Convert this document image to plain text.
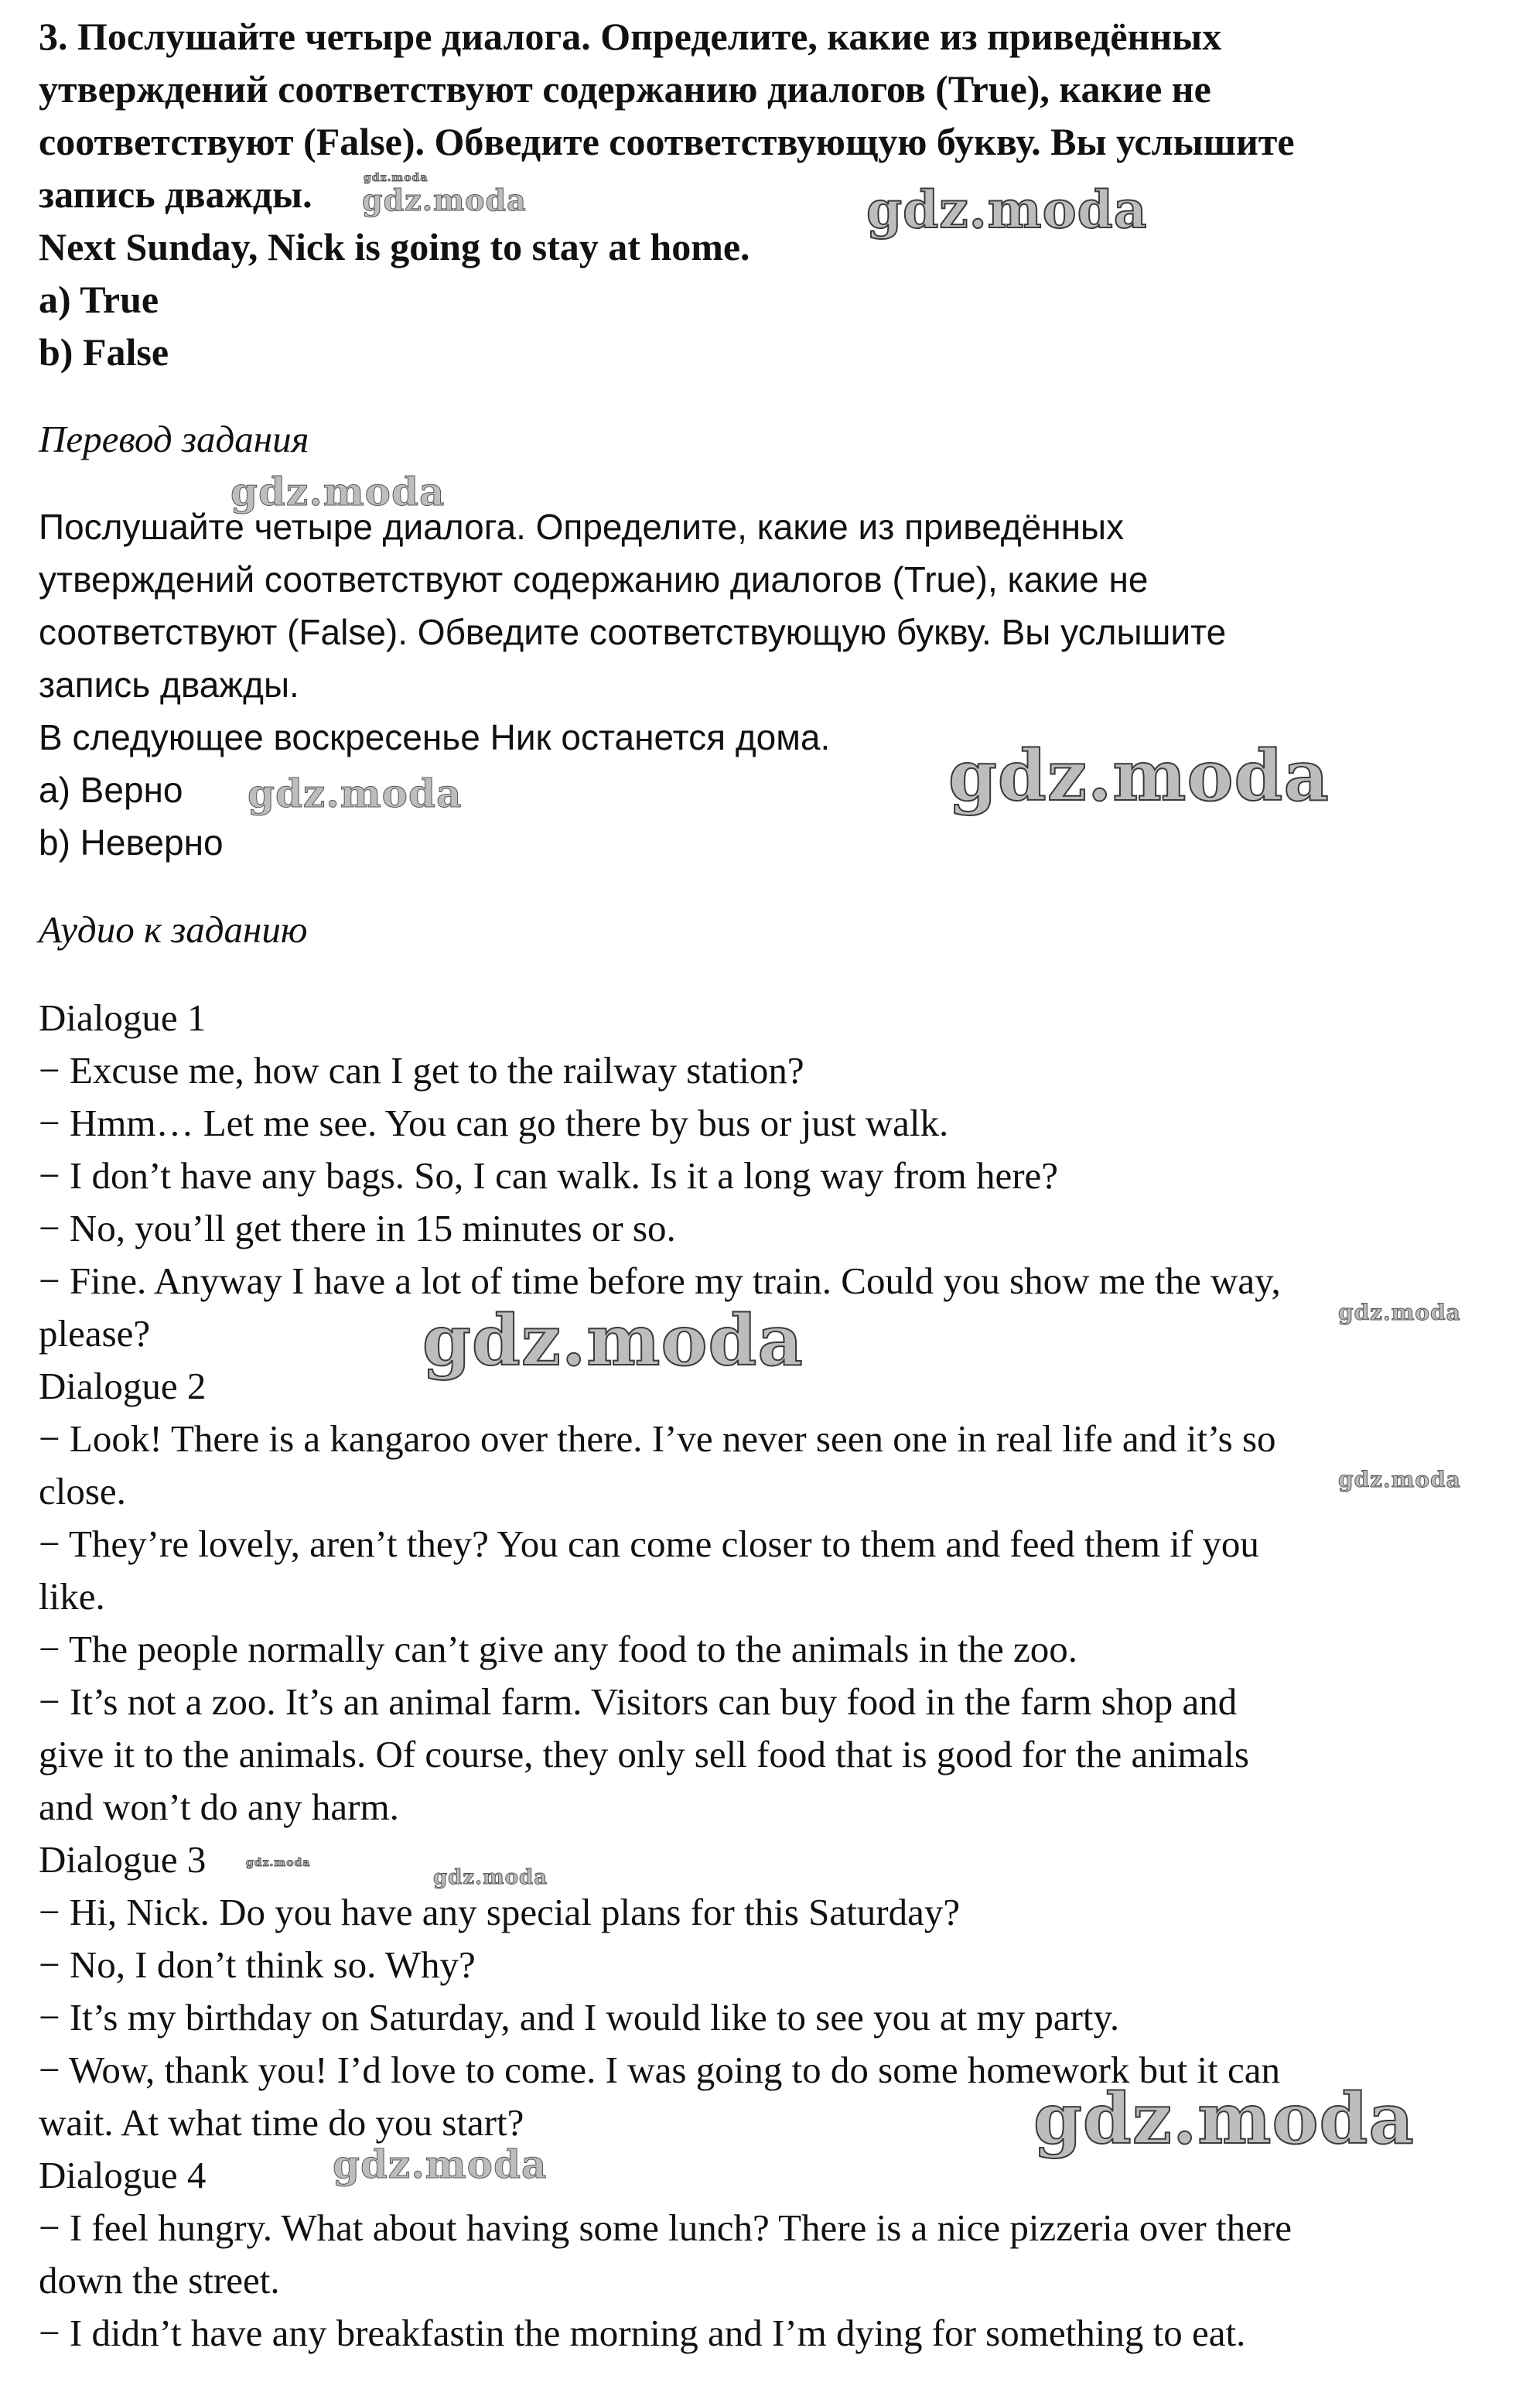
3. Послушайте четыре диалога. Определите, какие из приведённых
утверждений соответствуют содержанию диалогов (True), какие не
соответствуют (False). Обведите соответствующую букву. Вы услышите
запись дважды.
Next Sunday, Nick is going to stay at home.
a) True
b) False
Перевод задания
Послушайте четыре диалога. Определите, какие из приведённых
утверждений соответствуют содержанию диалогов (True), какие не
соответствуют (False). Обведите соответствующую букву. Вы услышите
запись дважды.
В следующее воскресенье Ник останется дома.
a) Верно
b) Неверно
Аудио к заданию
Dialogue 1
− Excuse me, how can I get to the railway station?
− Hmm… Let me see. You can go there by bus or just walk.
− I don’t have any bags. So, I can walk. Is it a long way from here?
− No, you’ll get there in 15 minutes or so.
− Fine. Anyway I have a lot of time before my train. Could you show me the way,
please?
Dialogue 2
− Look! There is a kangaroo over there. I’ve never seen one in real life and it’s so
close.
− They’re lovely, aren’t they? You can come closer to them and feed them if you
like.
− The people normally can’t give any food to the animals in the zoo.
− It’s not a zoo. It’s an animal farm. Visitors can buy food in the farm shop and
give it to the animals. Of course, they only sell food that is good for the animals
and won’t do any harm.
Dialogue 3
− Hi, Nick. Do you have any special plans for this Saturday?
− No, I don’t think so. Why?
− It’s my birthday on Saturday, and I would like to see you at my party.
− Wow, thank you! I’d love to come. I was going to do some homework but it can
wait. At what time do you start?
Dialogue 4
− I feel hungry. What about having some lunch? There is a nice pizzeria over there
down the street.
− I didn’t have any breakfastin the morning and I’m dying for something to eat.
gdz.moda
gdz.moda
gdz.moda
gdz.moda
gdz.moda	gdz.moda
gdz.moda	gdz.moda
gdz.moda
gdz.moda
gdz.moda
gdz.moda
gdz.moda
